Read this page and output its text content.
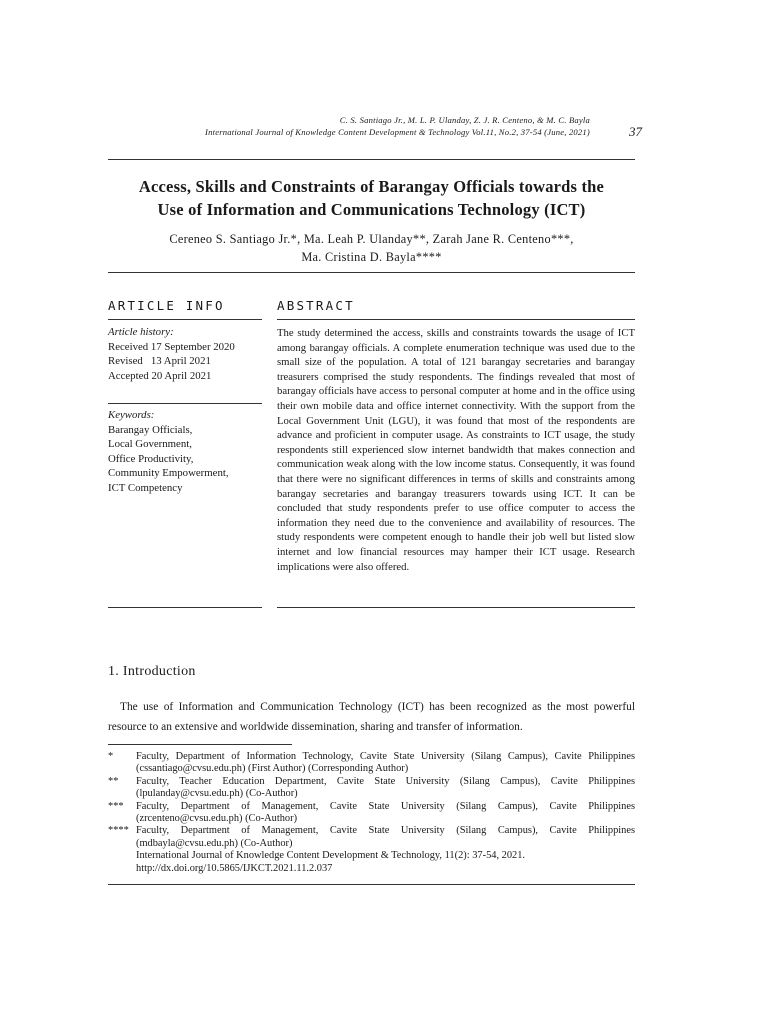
C. S. Santiago Jr., M. L. P. Ulanday, Z. J. R. Centeno, & M. C. Bayla
International Journal of Knowledge Content Development & Technology Vol.11, No.2, 37-54 (June, 2021)	37
Access, Skills and Constraints of Barangay Officials towards the
Use of Information and Communications Technology (ICT)
Cereneo S. Santiago Jr.*, Ma. Leah P. Ulanday**, Zarah Jane R. Centeno***,
Ma. Cristina D. Bayla****
ARTICLE INFO	ABSTRACT
Article history:
Received 17 September 2020
Revised   13 April 2021
Accepted 20 April 2021
Keywords:
Barangay Officials,
Local Government,
Office Productivity,
Community Empowerment,
ICT Competency
The study determined the access, skills and constraints towards the usage of ICT among barangay officials. A complete enumeration technique was used due to the small size of the population. A total of 121 barangay secretaries and barangay treasurers comprised the study respondents. The findings revealed that most of barangay officials have access to personal computer at home and in the office using their own mobile data and office internet connectivity. With the support from the Local Government Unit (LGU), it was found that most of the respondents are advance and proficient in computer usage. As constraints to ICT usage, the study respondents still experienced slow internet bandwidth that makes connection and communication weak along with the low income status. Consequently, it was found that there were no significant differences in terms of skills and constraints among barangay secretaries and barangay treasurers towards using ICT. It can be concluded that study respondents prefer to use office computer to access the information they need due to the convenience and availability of resources. The study respondents were competent enough to handle their job well but listed slow internet and low financial resources may hamper their ICT usage. Research implications were also offered.
1. Introduction
The use of Information and Communication Technology (ICT) has been recognized as the most powerful resource to an extensive and worldwide dissemination, sharing and transfer of information.
*	Faculty, Department of Information Technology, Cavite State University (Silang Campus), Cavite Philippines (cssantiago@cvsu.edu.ph) (First Author) (Corresponding Author)
**	Faculty, Teacher Education Department, Cavite State University (Silang Campus), Cavite Philippines (lpulanday@cvsu.edu.ph) (Co-Author)
***	Faculty, Department of Management, Cavite State University (Silang Campus), Cavite Philippines (zrcenteno@cvsu.edu.ph) (Co-Author)
**** Faculty, Department of Management, Cavite State University (Silang Campus), Cavite Philippines (mdbayla@cvsu.edu.ph) (Co-Author)
International Journal of Knowledge Content Development & Technology, 11(2): 37-54, 2021.
http://dx.doi.org/10.5865/IJKCT.2021.11.2.037
